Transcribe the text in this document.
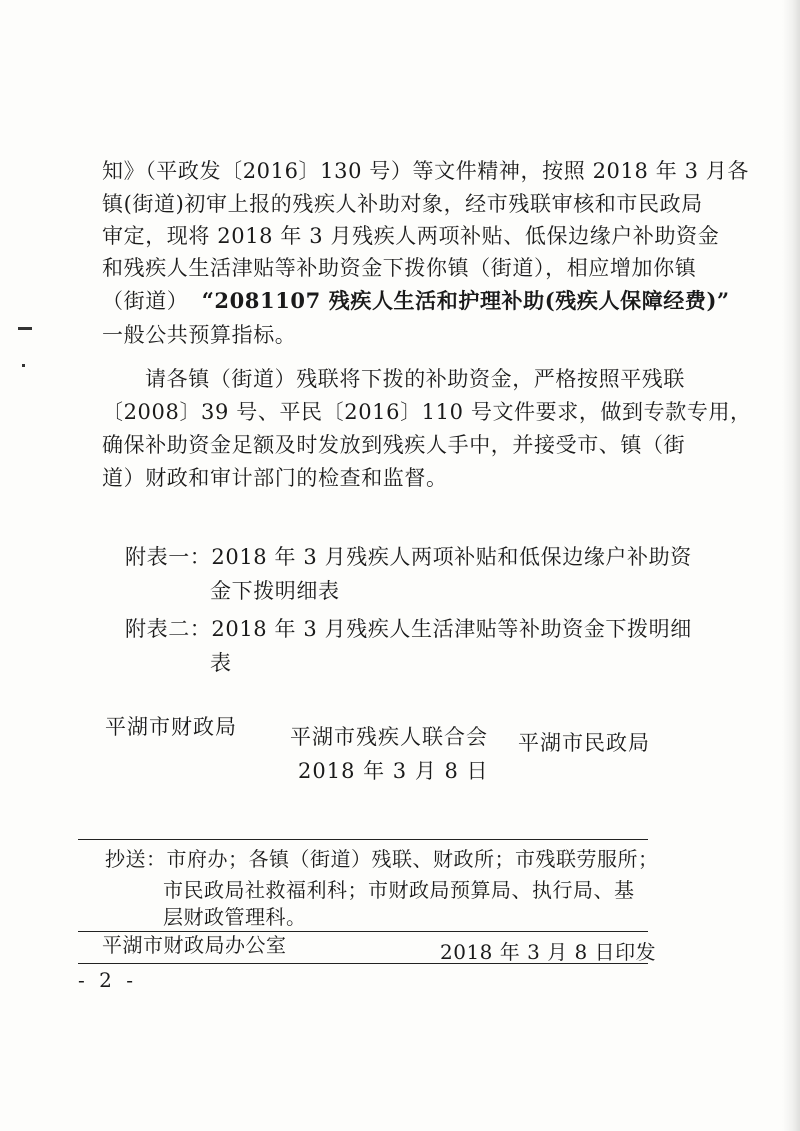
知》（平政发〔2016〕130 号）等文件精神，按照 2018 年 3 月各
镇(街道)初审上报的残疾人补助对象，经市残联审核和市民政局
审定，现将 2018 年 3 月残疾人两项补贴、低保边缘户补助资金
和残疾人生活津贴等补助资金下拨你镇（街道），相应增加你镇
（街道） “2081107 残疾人生活和护理补助(残疾人保障经费)”
一般公共预算指标。
请各镇（街道）残联将下拨的补助资金，严格按照平残联
〔2008〕39 号、平民〔2016〕110 号文件要求，做到专款专用，
确保补助资金足额及时发放到残疾人手中，并接受市、镇（街
道）财政和审计部门的检查和监督。
附表一：2018 年 3 月残疾人两项补贴和低保边缘户补助资
金下拨明细表
附表二：2018 年 3 月残疾人生活津贴等补助资金下拨明细
表
平湖市财政局	平湖市残疾人联合会 平湖市民政局
2018 年 3 月 8 日
抄送：市府办；各镇（街道）残联、财政所；市残联劳服所；
市民政局社救福利科；市财政局预算局、执行局、基
层财政管理科。
平湖市财政局办公室	2018 年 3 月 8 日印发
- 2 -
